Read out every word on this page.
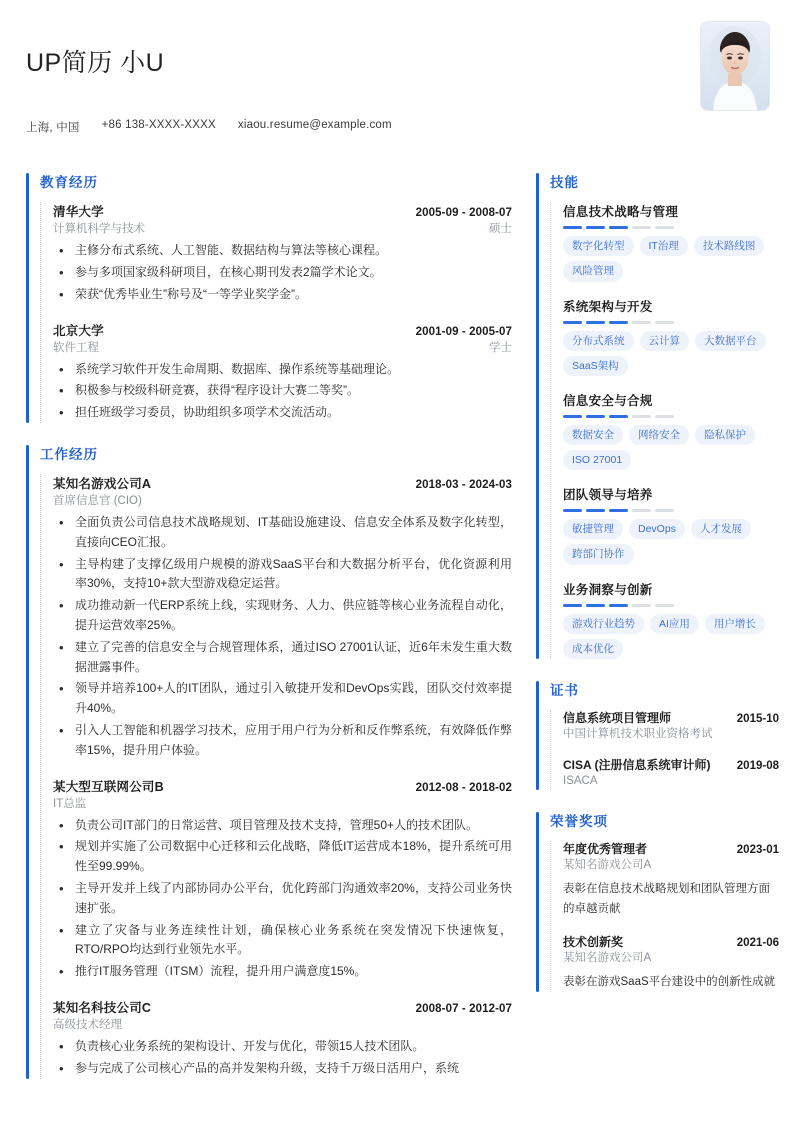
UP简历 小U
上海, 中国 +86 138-XXXX-XXXX xiaou.resume@example.com
教育经历
清华大学	2005-09 - 2008-07
计算机科学与技术	硕士
• 主修分布式系统、人工智能、数据结构与算法等核心课程。
• 参与多项国家级科研项目，在核心期刊发表2篇学术论文。
• 荣获“优秀毕业生”称号及“一等学业奖学金”。
北京大学	2001-09 - 2005-07
软件工程	学士
• 系统学习软件开发生命周期、数据库、操作系统等基础理论。
• 积极参与校级科研竞赛，获得“程序设计大赛二等奖”。
• 担任班级学习委员，协助组织多项学术交流活动。
工作经历
某知名游戏公司A	2018-03 - 2024-03
首席信息官 (CIO)
• 全面负责公司信息技术战略规划、IT基础设施建设、信息安全体系及数字化转型，直接向CEO汇报。
• 主导构建了支撑亿级用户规模的游戏SaaS平台和大数据分析平台，优化资源利用率30%，支持10+款大型游戏稳定运营。
• 成功推动新一代ERP系统上线，实现财务、人力、供应链等核心业务流程自动化，提升运营效率25%。
• 建立了完善的信息安全与合规管理体系，通过ISO 27001认证，近6年未发生重大数据泄露事件。
• 领导并培养100+人的IT团队，通过引入敏捷开发和DevOps实践，团队交付效率提升40%。
• 引入人工智能和机器学习技术，应用于用户行为分析和反作弊系统，有效降低作弊率15%，提升用户体验。
某大型互联网公司B	2012-08 - 2018-02
IT总监
• 负责公司IT部门的日常运营、项目管理及技术支持，管理50+人的技术团队。
• 规划并实施了公司数据中心迁移和云化战略，降低IT运营成本18%，提升系统可用性至99.99%。
• 主导开发并上线了内部协同办公平台，优化跨部门沟通效率20%，支持公司业务快速扩张。
• 建立了灾备与业务连续性计划，确保核心业务系统在突发情况下快速恢复，RTO/RPO均达到行业领先水平。
• 推行IT服务管理（ITSM）流程，提升用户满意度15%。
某知名科技公司C	2008-07 - 2012-07
高级技术经理
• 负责核心业务系统的架构设计、开发与优化，带领15人技术团队。
• 参与完成了公司核心产品的高并发架构升级，支持千万级日活用户，系统
技能
信息技术战略与管理
数字化转型	IT治理	技术路线图
风险管理
系统架构与开发
分布式系统	云计算	大数据平台
SaaS架构
信息安全与合规
数据安全	网络安全	隐私保护
ISO 27001
团队领导与培养
敏捷管理	DevOps	人才发展
跨部门协作
业务洞察与创新
游戏行业趋势	AI应用	用户增长
成本优化
证书
信息系统项目管理师	2015-10
中国计算机技术职业资格考试
CISA (注册信息系统审计师) 2019-08
ISACA
荣誉奖项
年度优秀管理者	2023-01
某知名游戏公司A
表彰在信息技术战略规划和团队管理方面的卓越贡献
技术创新奖	2021-06
某知名游戏公司A
表彰在游戏SaaS平台建设中的创新性成就
